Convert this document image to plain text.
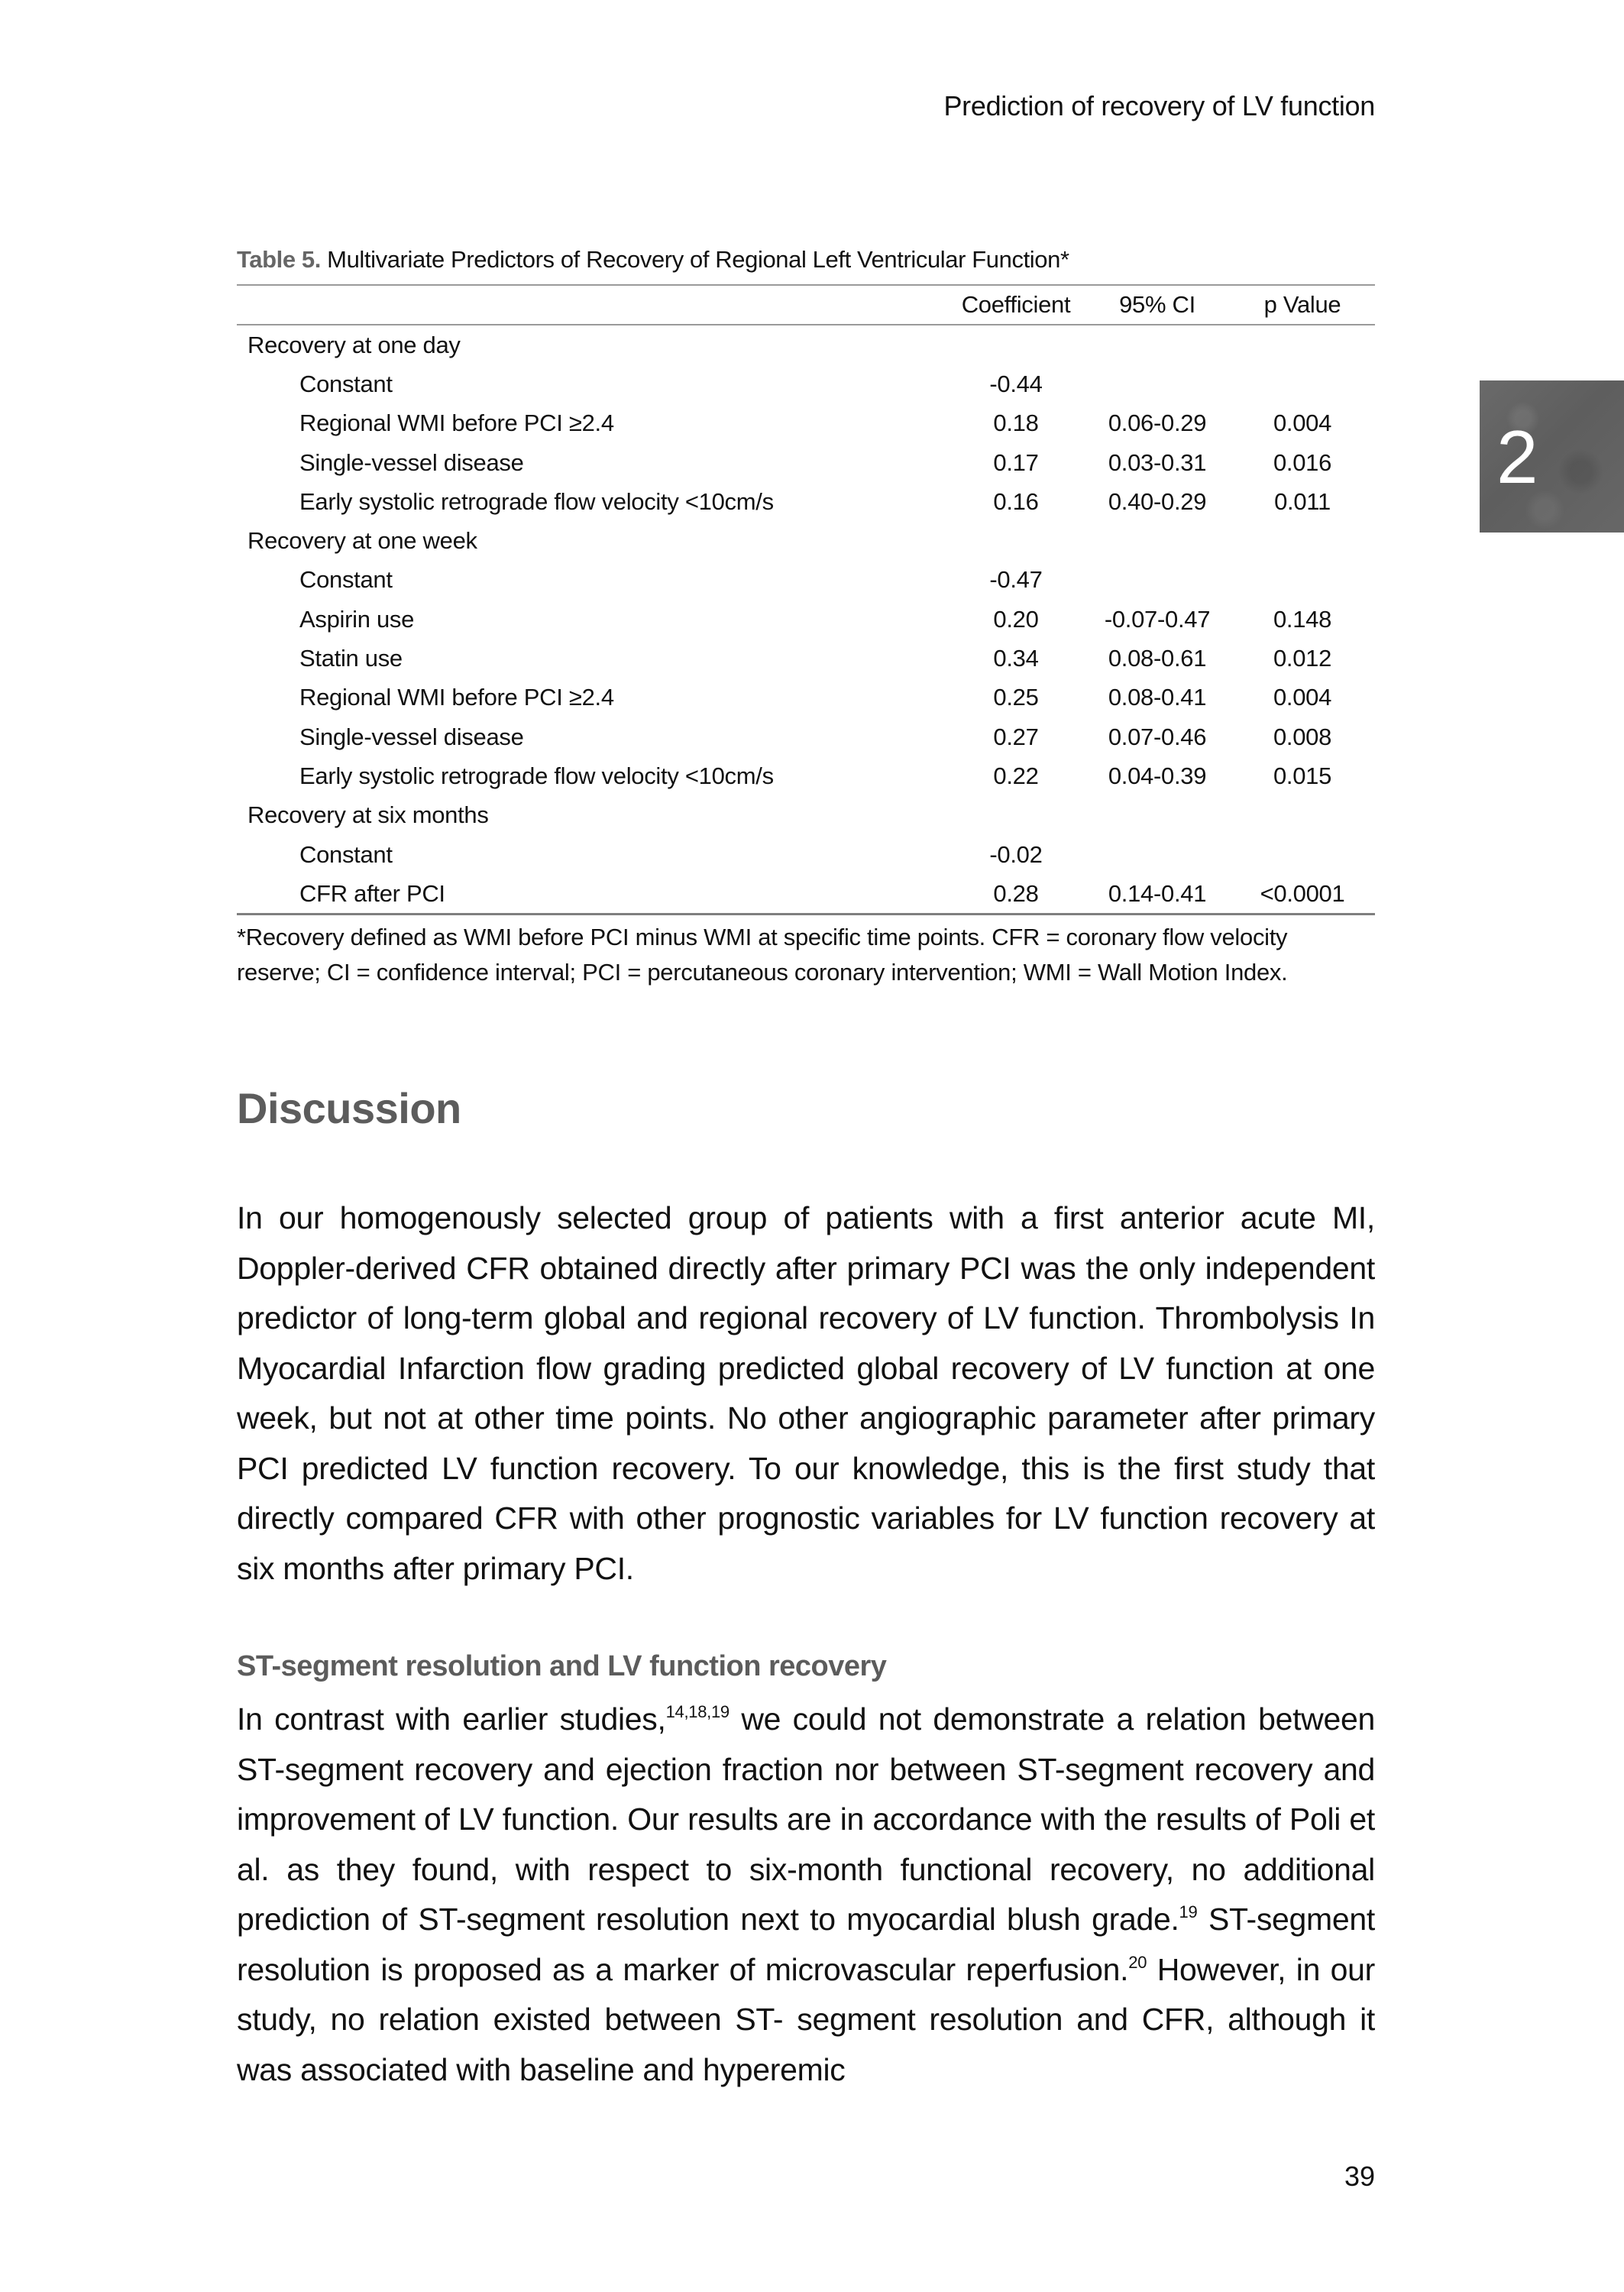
Prediction of recovery of LV function
2
Table 5. Multivariate Predictors of Recovery of Regional Left Ventricular Function*
	Coefficient	95% CI	p Value
Recovery at one day			
Constant	-0.44		
Regional WMI before PCI ≥2.4	0.18	0.06-0.29	0.004
Single-vessel disease	0.17	0.03-0.31	0.016
Early systolic retrograde flow velocity <10cm/s	0.16	0.40-0.29	0.011
Recovery at one week			
Constant	-0.47		
Aspirin use	0.20	-0.07-0.47	0.148
Statin use	0.34	0.08-0.61	0.012
Regional WMI before PCI ≥2.4	0.25	0.08-0.41	0.004
Single-vessel disease	0.27	0.07-0.46	0.008
Early systolic retrograde flow velocity <10cm/s	0.22	0.04-0.39	0.015
Recovery at six months			
Constant	-0.02		
CFR after PCI	0.28	0.14-0.41	<0.0001
*Recovery defined as WMI before PCI minus WMI at specific time points. CFR = coronary flow velocity
reserve; CI = confidence interval; PCI = percutaneous coronary intervention; WMI = Wall Motion Index.
Discussion

In our homogenously selected group of patients with a first anterior acute MI, Doppler-derived CFR obtained directly after primary PCI was the only independent predictor of long-term global and regional recovery of LV function. Thrombolysis In Myocardial Infarction flow grading predicted global recovery of LV function at one week, but not at other time points. No other angiographic parameter after primary PCI predicted LV function recovery. To our knowledge, this is the first study that directly compared CFR with other prognostic variables for LV function recovery at six months after primary PCI.

ST-segment resolution and LV function recovery

In contrast with earlier studies,$^{14,18,19}$ we could not demonstrate a relation between ST-segment recovery and ejection fraction nor between ST-segment recovery and improvement of LV function. Our results are in accordance with the results of Poli et al. as they found, with respect to six-month functional recovery, no additional prediction of ST-segment resolution next to myocardial blush grade.$^{19}$ ST-segment resolution is proposed as a marker of microvascular reperfusion.$^{20}$ However, in our study, no relation existed between ST- segment resolution and CFR, although it was associated with baseline and hyperemic

39
